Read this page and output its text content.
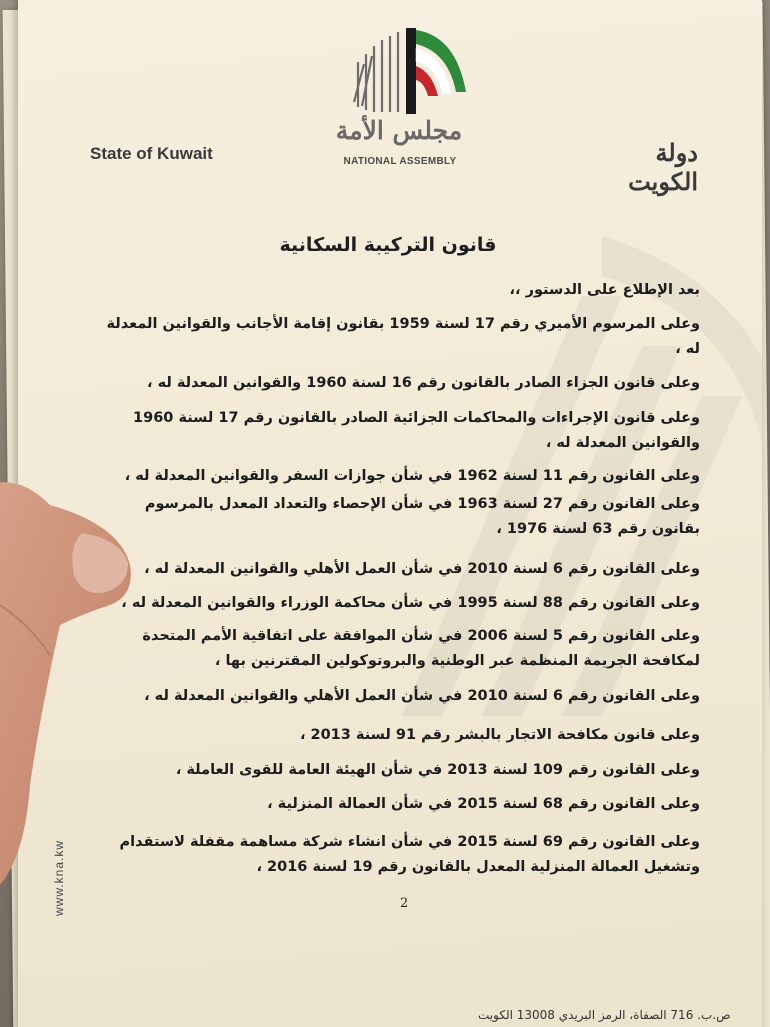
مجلس الأمة
NATIONAL ASSEMBLY
State of Kuwait	دولة الكويت
قانون التركيبة السكانية
بعد الإطلاع على الدستور ،،
وعلى المرسوم الأميري رقم 17 لسنة 1959 بقانون إقامة الأجانب والقوانين المعدلة
له ،
وعلى قانون الجزاء الصادر بالقانون رقم 16 لسنة 1960 والقوانين المعدلة له ،
وعلى قانون الإجراءات والمحاكمات الجزائية الصادر بالقانون رقم 17 لسنة 1960
والقوانين المعدلة له ،
وعلى القانون رقم 11 لسنة 1962 في شأن جوازات السفر والقوانين المعدلة له ،
وعلى القانون رقم 27 لسنة 1963 في شأن الإحصاء والتعداد المعدل بالمرسوم
بقانون رقم 63 لسنة 1976 ،
وعلى القانون رقم 6 لسنة 2010 في شأن العمل الأهلي والقوانين المعدلة له ،
وعلى القانون رقم 88 لسنة 1995 في شأن محاكمة الوزراء والقوانين المعدلة له ،
وعلى القانون رقم 5 لسنة 2006 في شأن الموافقة على اتفاقية الأمم المتحدة
لمكافحة الجريمة المنظمة عبر الوطنية والبروتوكولين المقترنين بها ،
وعلى القانون رقم 6 لسنة 2010 في شأن العمل الأهلي والقوانين المعدلة له ،
وعلى قانون مكافحة الاتجار بالبشر رقم 91 لسنة 2013 ،
وعلى القانون رقم 109 لسنة 2013 في شأن الهيئة العامة للقوى العاملة ،
وعلى القانون رقم 68 لسنة 2015 في شأن العمالة المنزلية ،
وعلى القانون رقم 69 لسنة 2015 في شأن انشاء شركة مساهمة مقفلة لاستقدام
وتشغيل العمالة المنزلية المعدل بالقانون رقم 19 لسنة 2016 ،
2
www.kna.kw
ص.ب. 716 الصفاة، الرمز البريدي 13008 الكويت
